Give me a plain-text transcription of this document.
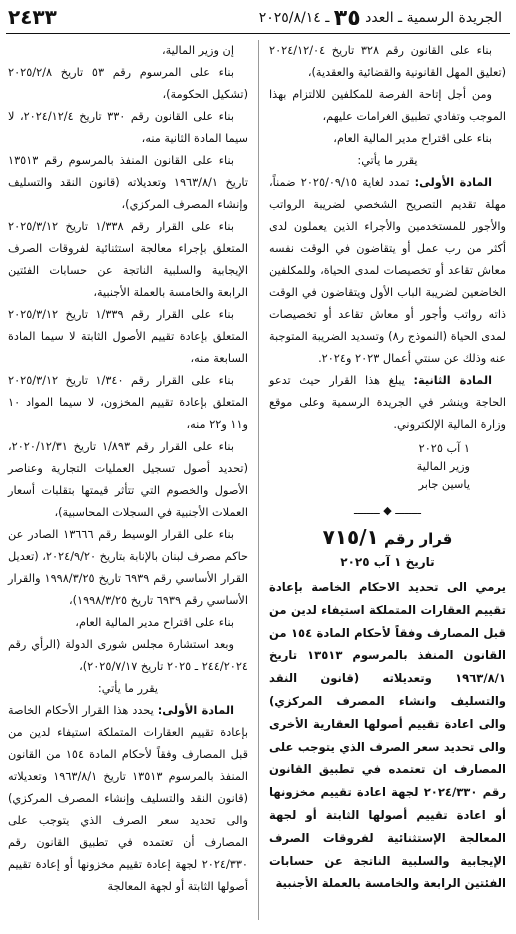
الجريدة الرسمية ـ العدد ٣٥ ـ ٢٠٢٥/٨/١٤
٢٤٣٣

بناء على القانون رقم ٣٢٨ تاريخ ٢٠٢٤/١٢/٠٤ (تعليق المهل القانونية والقضائية والعقدية)،

ومن أجل إتاحة الفرصة للمكلفين للالتزام بهذا الموجب وتفادي تطبيق الغرامات عليهم،

بناء على اقتراح مدير المالية العام،

يقرر ما يأتي:

المادة الأولى: تمدد لغاية ٢٠٢٥/٠٩/١٥ ضمناً، مهلة تقديم التصريح الشخصي لضريبة الرواتب والأجور للمستخدمين والأجراء الذين يعملون لدى أكثر من رب عمل أو يتقاضون في الوقت نفسه معاش تقاعد أو تخصيصات لمدى الحياة، وللمكلفين الخاضعين لضريبة الباب الأول ويتقاضون في الوقت ذاته رواتب وأجور أو معاش تقاعد أو تخصيصات لمدى الحياة (النموذج ر٨) وتسديد الضريبة المتوجبة عنه وذلك عن سنتي أعمال ٢٠٢٣ و٢٠٢٤.

المادة الثانية: يبلغ هذا القرار حيث تدعو الحاجة وينشر في الجريدة الرسمية وعلى موقع وزارة المالية الإلكتروني.

١ آب ٢٠٢٥

وزير المالية

ياسين جابر

ــــــــ ◆ ــــــــ

قرار رقم ٧١٥/١

تاريخ ١ آب ٢٠٢٥

يرمي الى تحديد الاحكام الخاصة بإعادة تقييم العقارات المتملكة استيفاء لدين من قبل المصارف وفقاً لأحكام المادة ١٥٤ من القانون المنفذ بالمرسوم ١٣٥١٣ تاريخ ١٩٦٣/٨/١ وتعديلاته (قانون النقد والتسليف وانشاء المصرف المركزي) والى اعادة تقييم أصولها العقارية الأخرى والى تحديد سعر الصرف الذي يتوجب على المصارف ان تعتمده في تطبيق القانون رقم ٢٠٢٤/٣٣٠ لجهة اعادة تقييم مخزونها أو اعادة تقييم أصولها الثابتة أو لجهة المعالجة الإستثنائية لفروقات الصرف الإيجابية والسلبية الناتجة عن حسابات الفئتين الرابعة والخامسة بالعملة الأجنبية

إن وزير المالية،

بناء على المرسوم رقم ٥٣ تاريخ ٢٠٢٥/٢/٨ (تشكيل الحكومة)،

بناء على القانون رقم ٣٣٠ تاريخ ٢٠٢٤/١٢/٤، لا سيما المادة الثانية منه،

بناء على القانون المنفذ بالمرسوم رقم ١٣٥١٣ تاريخ ١٩٦٣/٨/١ وتعديلاته (قانون النقد والتسليف وإنشاء المصرف المركزي)،

بناء على القرار رقم ١/٣٣٨ تاريخ ٢٠٢٥/٣/١٢ المتعلق بإجراء معالجة استثنائية لفروقات الصرف الإيجابية والسلبية الناتجة عن حسابات الفئتين الرابعة والخامسة بالعملة الأجنبية،

بناء على القرار رقم ١/٣٣٩ تاريخ ٢٠٢٥/٣/١٢ المتعلق بإعادة تقييم الأصول الثابتة لا سيما المادة السابعة منه،

بناء على القرار رقم ١/٣٤٠ تاريخ ٢٠٢٥/٣/١٢ المتعلق بإعادة تقييم المخزون، لا سيما المواد ١٠ و١١ و٢٢ منه،

بناء على القرار رقم ١/٨٩٣ تاريخ ٢٠٢٠/١٢/٣١، (تحديد أصول تسجيل العمليات التجارية وعناصر الأصول والخصوم التي تتأثر قيمتها بتقلبات أسعار العملات الأجنبية في السجلات المحاسبية)،

بناء على القرار الوسيط رقم ١٣٦٦٦ الصادر عن حاكم مصرف لبنان بالإنابة بتاريخ ٢٠٢٤/٩/٢٠، (تعديل القرار الأساسي رقم ٦٩٣٩ تاريخ ١٩٩٨/٣/٢٥ والقرار الأساسي رقم ٦٩٣٩ تاريخ ١٩٩٨/٣/٢٥)،

بناء على اقتراح مدير المالية العام،

وبعد استشارة مجلس شورى الدولة (الرأي رقم ٢٤٤/٢٠٢٤ ـ ٢٠٢٥ تاريخ ٢٠٢٥/٧/١٧)،

يقرر ما يأتي:

المادة الأولى: يحدد هذا القرار الأحكام الخاصة بإعادة تقييم العقارات المتملكة استيفاء لدين من قبل المصارف وفقاً لأحكام المادة ١٥٤ من القانون المنفذ بالمرسوم ١٣٥١٣ تاريخ ١٩٦٣/٨/١ وتعديلاته (قانون النقد والتسليف وإنشاء المصرف المركزي) والى تحديد سعر الصرف الذي يتوجب على المصارف أن تعتمده في تطبيق القانون رقم ٢٠٢٤/٣٣٠ لجهة إعادة تقييم مخزونها أو إعادة تقييم أصولها الثابتة أو لجهة المعالجة
